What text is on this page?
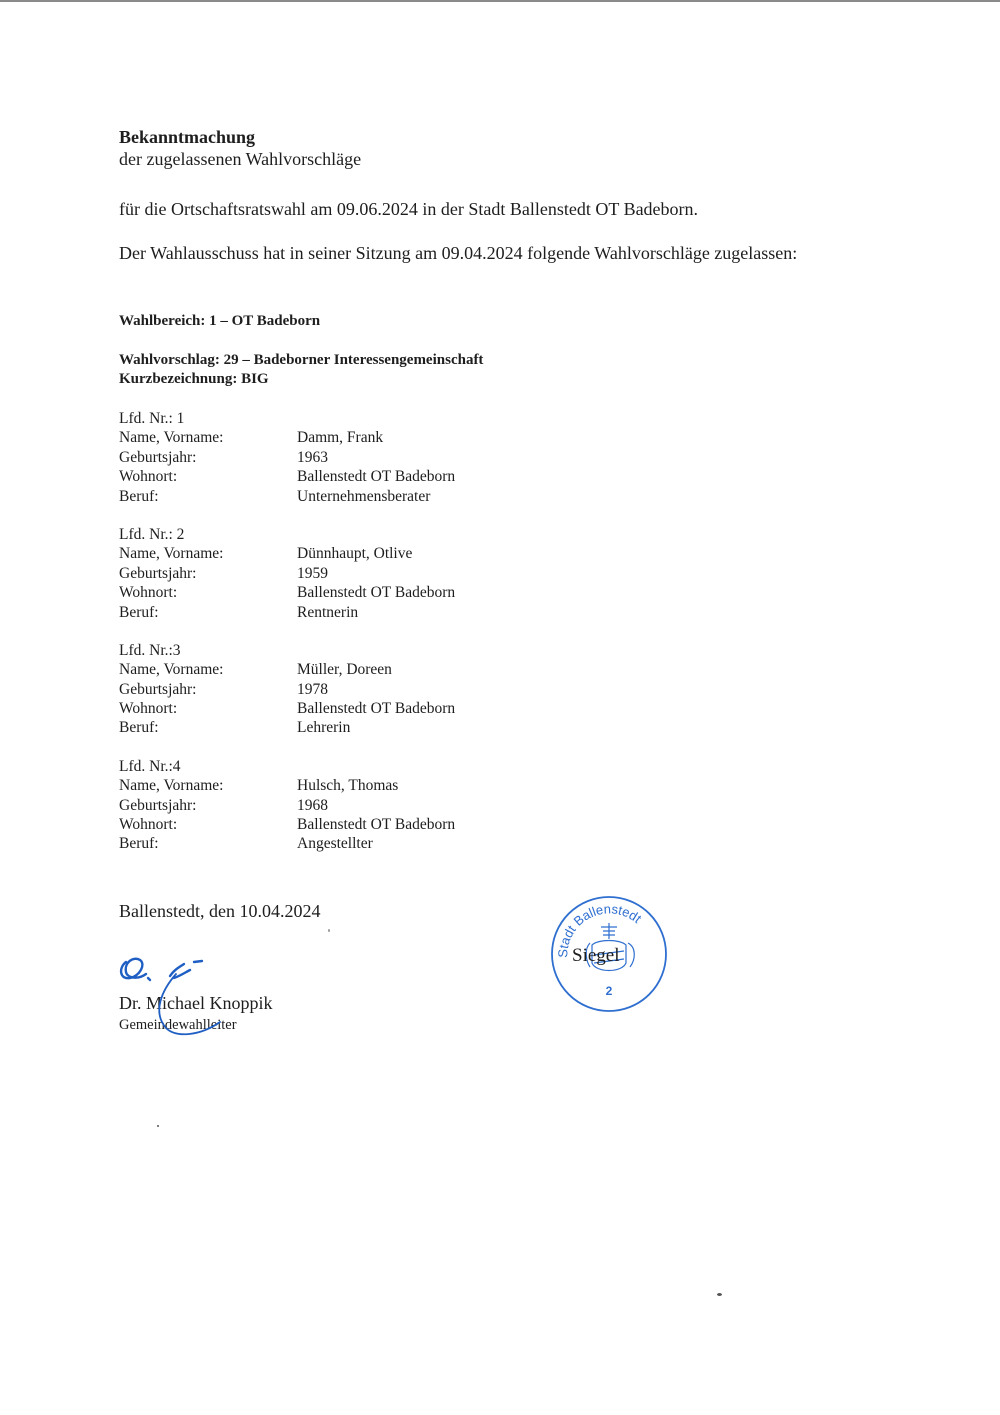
Bekanntmachung

der zugelassenen Wahlvorschläge

für die Ortschaftsratswahl am 09.06.2024 in der Stadt Ballenstedt OT Badeborn.

Der Wahlausschuss hat in seiner Sitzung am 09.04.2024 folgende Wahlvorschläge zugelassen:

Wahlbereich: 1 – OT Badeborn

Wahlvorschlag: 29 – Badeborner Interessengemeinschaft

Kurzbezeichnung: BIG

Lfd. Nr.: 1
Name, Vorname:	Damm, Frank
Geburtsjahr:	1963
Wohnort:	Ballenstedt OT Badeborn
Beruf:	Unternehmensberater
Lfd. Nr.: 2
Name, Vorname:	Dünnhaupt, Otlive
Geburtsjahr:	1959
Wohnort:	Ballenstedt OT Badeborn
Beruf:	Rentnerin
Lfd. Nr.:3
Name, Vorname:	Müller, Doreen
Geburtsjahr:	1978
Wohnort:	Ballenstedt OT Badeborn
Beruf:	Lehrerin
Lfd. Nr.:4
Name, Vorname:	Hulsch, Thomas
Geburtsjahr:	1968
Wohnort:	Ballenstedt OT Badeborn
Beruf:	Angestellter
Ballenstedt, den 10.04.2024
Dr. Michael Knoppik
Gemeindewahlleiter
Stadt Ballenstedt
Siegel
2
